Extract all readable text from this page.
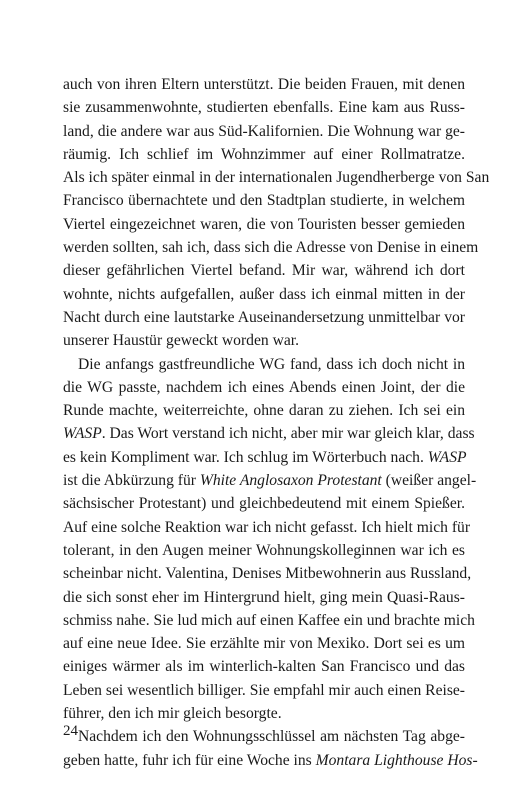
auch von ihren Eltern unterstützt. Die beiden Frauen, mit denen
sie zusammenwohnte, studierten ebenfalls. Eine kam aus Russ-
land, die andere war aus Süd-Kalifornien. Die Wohnung war ge-
räumig. Ich schlief im Wohnzimmer auf einer Rollmatratze.
Als ich später einmal in der internationalen Jugendherberge von San
Francisco übernachtete und den Stadtplan studierte, in welchem
Viertel eingezeichnet waren, die von Touristen besser gemieden
werden sollten, sah ich, dass sich die Adresse von Denise in einem
dieser gefährlichen Viertel befand. Mir war, während ich dort
wohnte, nichts aufgefallen, außer dass ich einmal mitten in der
Nacht durch eine lautstarke Auseinandersetzung unmittelbar vor
unserer Haustür geweckt worden war.
Die anfangs gastfreundliche WG fand, dass ich doch nicht in
die WG passte, nachdem ich eines Abends einen Joint, der die
Runde machte, weiterreichte, ohne daran zu ziehen. Ich sei ein
WASP. Das Wort verstand ich nicht, aber mir war gleich klar, dass
es kein Kompliment war. Ich schlug im Wörterbuch nach. WASP
ist die Abkürzung für White Anglosaxon Protestant (weißer angel-
sächsischer Protestant) und gleichbedeutend mit einem Spießer.
Auf eine solche Reaktion war ich nicht gefasst. Ich hielt mich für
tolerant, in den Augen meiner Wohnungskolleginnen war ich es
scheinbar nicht. Valentina, Denises Mitbewohnerin aus Russland,
die sich sonst eher im Hintergrund hielt, ging mein Quasi-Raus-
schmiss nahe. Sie lud mich auf einen Kaffee ein und brachte mich
auf eine neue Idee. Sie erzählte mir von Mexiko. Dort sei es um
einiges wärmer als im winterlich-kalten San Francisco und das
Leben sei wesentlich billiger. Sie empfahl mir auch einen Reise-
führer, den ich mir gleich besorgte.
Nachdem ich den Wohnungsschlüssel am nächsten Tag abge-
geben hatte, fuhr ich für eine Woche ins Montara Lighthouse Hos-
24
